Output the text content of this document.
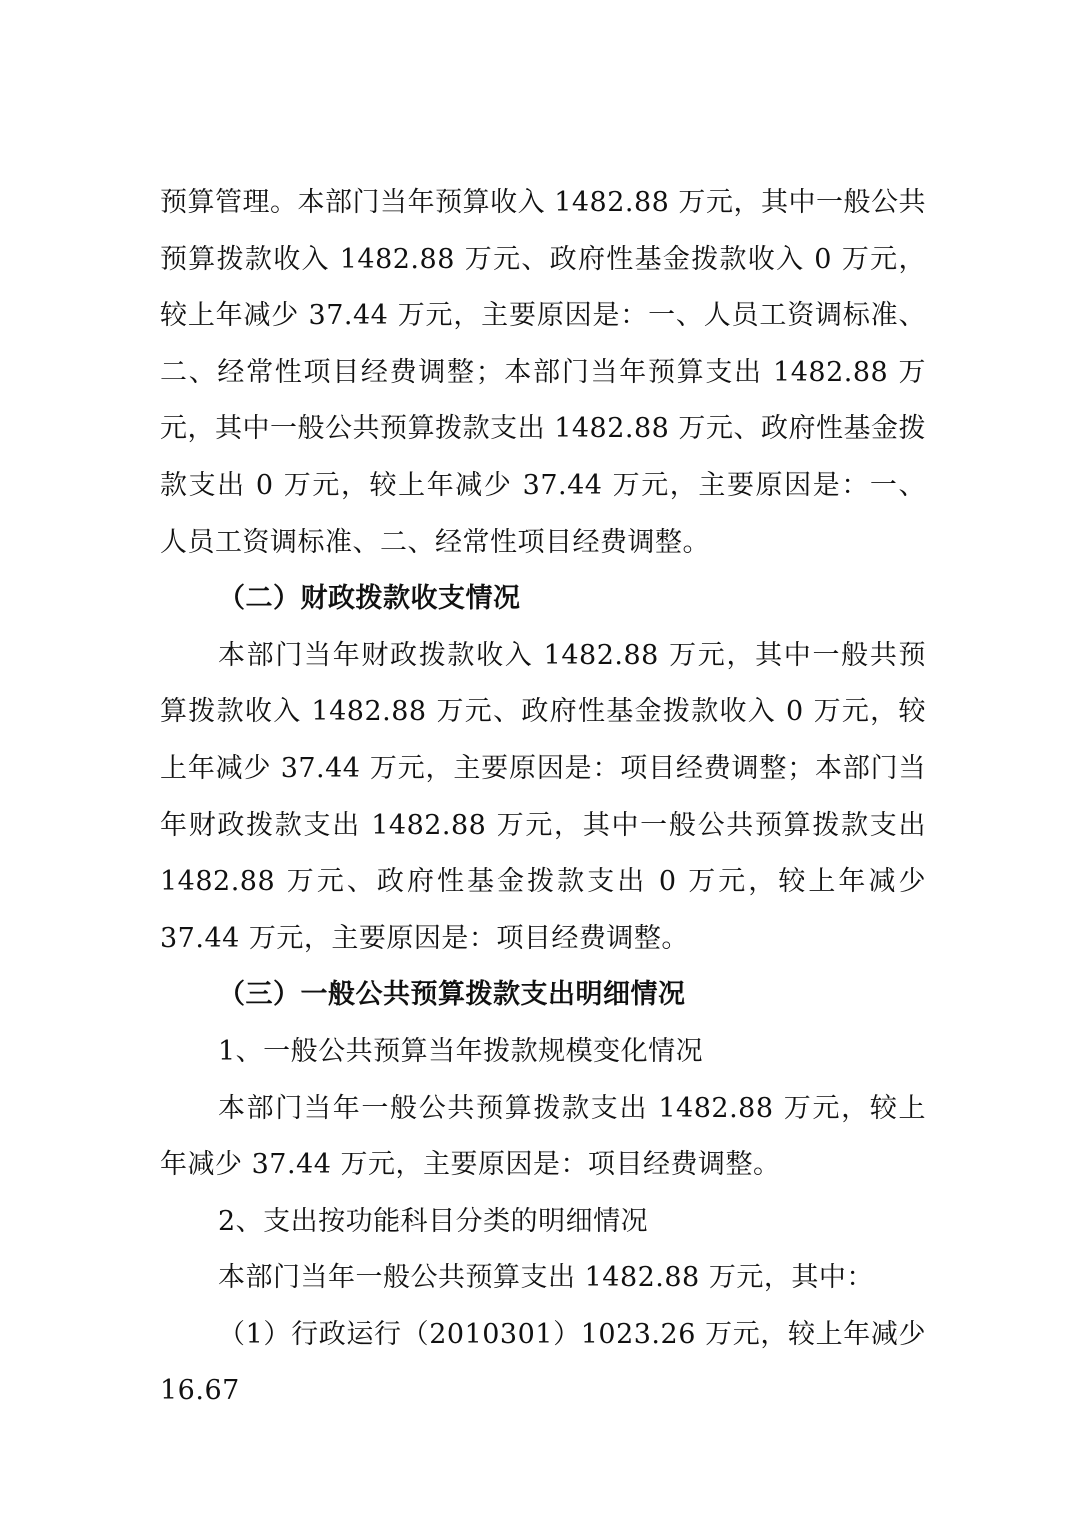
预算管理。本部门当年预算收入 1482.88 万元，其中一般公共预算拨款收入 1482.88 万元、政府性基金拨款收入 0 万元，较上年减少 37.44 万元，主要原因是：一、人员工资调标准、二、经常性项目经费调整；本部门当年预算支出 1482.88 万元，其中一般公共预算拨款支出 1482.88 万元、政府性基金拨款支出 0 万元，较上年减少 37.44 万元，主要原因是：一、人员工资调标准、二、经常性项目经费调整。

（二）财政拨款收支情况

本部门当年财政拨款收入 1482.88 万元，其中一般共预算拨款收入 1482.88 万元、政府性基金拨款收入 0 万元，较上年减少 37.44 万元，主要原因是：项目经费调整；本部门当年财政拨款支出 1482.88 万元，其中一般公共预算拨款支出 1482.88 万元、政府性基金拨款支出 0 万元，较上年减少 37.44 万元，主要原因是：项目经费调整。

（三）一般公共预算拨款支出明细情况

1、一般公共预算当年拨款规模变化情况

本部门当年一般公共预算拨款支出 1482.88 万元，较上年减少 37.44 万元，主要原因是：项目经费调整。

2、支出按功能科目分类的明细情况

本部门当年一般公共预算支出 1482.88 万元，其中：

（1）行政运行（2010301）1023.26 万元，较上年减少 16.67
